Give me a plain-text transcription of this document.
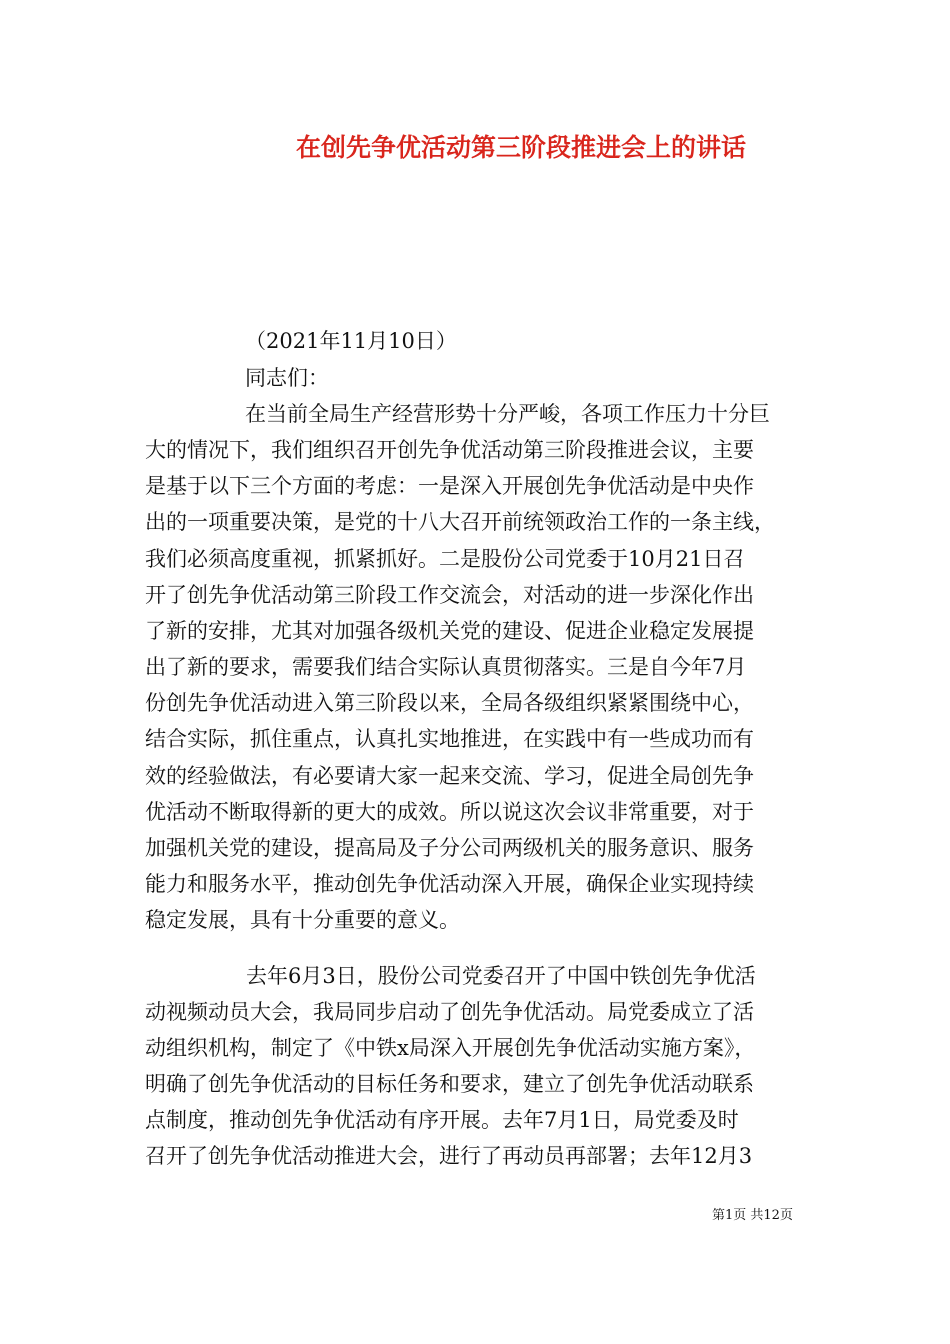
在创先争优活动第三阶段推进会上的讲话
（2021年11月10日）
同志们：
在当前全局生产经营形势十分严峻，各项工作压力十分巨
大的情况下，我们组织召开创先争优活动第三阶段推进会议，主要
是基于以下三个方面的考虑：一是深入开展创先争优活动是中央作
出的一项重要决策，是党的十八大召开前统领政治工作的一条主线，
我们必须高度重视，抓紧抓好。二是股份公司党委于10月21日召
开了创先争优活动第三阶段工作交流会，对活动的进一步深化作出
了新的安排，尤其对加强各级机关党的建设、促进企业稳定发展提
出了新的要求，需要我们结合实际认真贯彻落实。三是自今年7月
份创先争优活动进入第三阶段以来，全局各级组织紧紧围绕中心，
结合实际，抓住重点，认真扎实地推进，在实践中有一些成功而有
效的经验做法，有必要请大家一起来交流、学习，促进全局创先争
优活动不断取得新的更大的成效。所以说这次会议非常重要，对于
加强机关党的建设，提高局及子分公司两级机关的服务意识、服务
能力和服务水平，推动创先争优活动深入开展，确保企业实现持续
稳定发展，具有十分重要的意义。
去年6月3日，股份公司党委召开了中国中铁创先争优活
动视频动员大会，我局同步启动了创先争优活动。局党委成立了活
动组织机构，制定了《中铁x局深入开展创先争优活动实施方案》，
明确了创先争优活动的目标任务和要求，建立了创先争优活动联系
点制度，推动创先争优活动有序开展。去年7月1日，局党委及时
召开了创先争优活动推进大会，进行了再动员再部署；去年12月3
第1页 共12页
